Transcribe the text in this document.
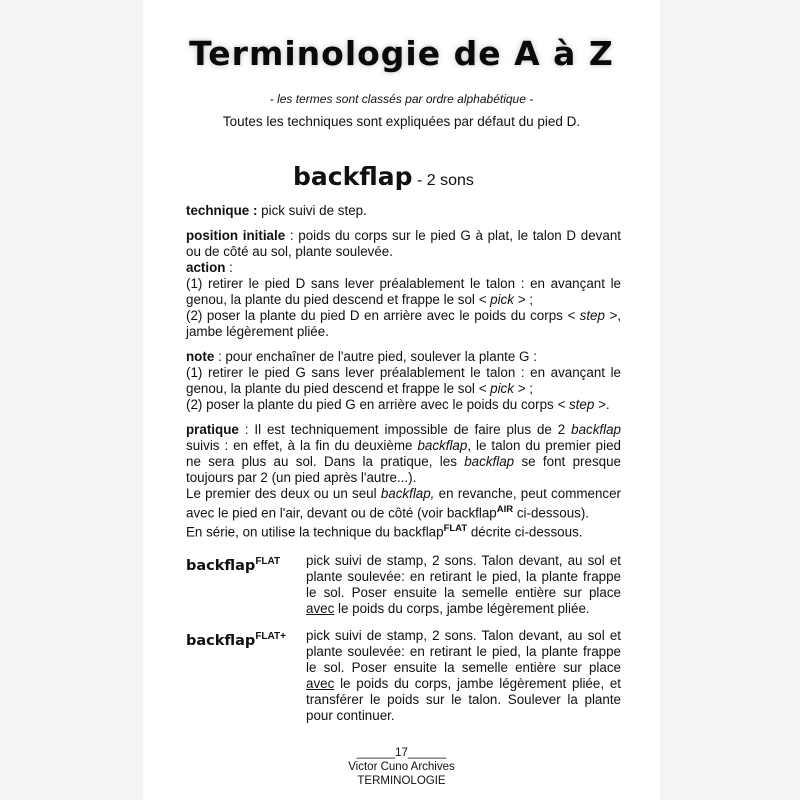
Terminologie de A à Z
- les termes sont classés par ordre alphabétique -
Toutes les techniques sont expliquées par défaut du pied D.
backflap - 2 sons

technique : pick suivi de step.

position initiale : poids du corps sur le pied G à plat, le talon D devant ou de côté au sol, plante soulevée.

action :

(1) retirer le pied D sans lever préalablement le talon : en avançant le genou, la plante du pied descend et frappe le sol < pick > ;

(2) poser la plante du pied D en arrière avec le poids du corps < step >, jambe légèrement pliée.

note : pour enchaîner de l'autre pied, soulever la plante G :

(1) retirer le pied G sans lever préalablement le talon : en avançant le genou, la plante du pied descend et frappe le sol < pick > ;

(2) poser la plante du pied G en arrière avec le poids du corps < step >.

pratique : Il est techniquement impossible de faire plus de 2 backflap suivis : en effet, à la fin du deuxième backflap, le talon du premier pied ne sera plus au sol. Dans la pratique, les backflap se font presque toujours par 2 (un pied après l'autre...).

Le premier des deux ou un seul backflap, en revanche, peut commencer avec le pied en l'air, devant ou de côté (voir backflap$^{AIR}$ ci-dessous).

En série, on utilise la technique du backflap$^{FLAT}$ décrite ci-dessous.

backflap$^{FLAT}$	pick suivi de stamp, 2 sons. Talon devant, au sol et plante soulevée: en retirant le pied, la plante frappe le sol. Poser ensuite la semelle entière sur place avec le poids du corps, jambe légèrement pliée.
backflap$^{FLAT+}$	pick suivi de stamp, 2 sons. Talon devant, au sol et plante soulevée: en retirant le pied, la plante frappe le sol. Poser ensuite la semelle entière sur place avec le poids du corps, jambe légèrement pliée, et transférer le poids sur le talon. Soulever la plante pour continuer.
______17______
Victor Cuno Archives
TERMINOLOGIE
